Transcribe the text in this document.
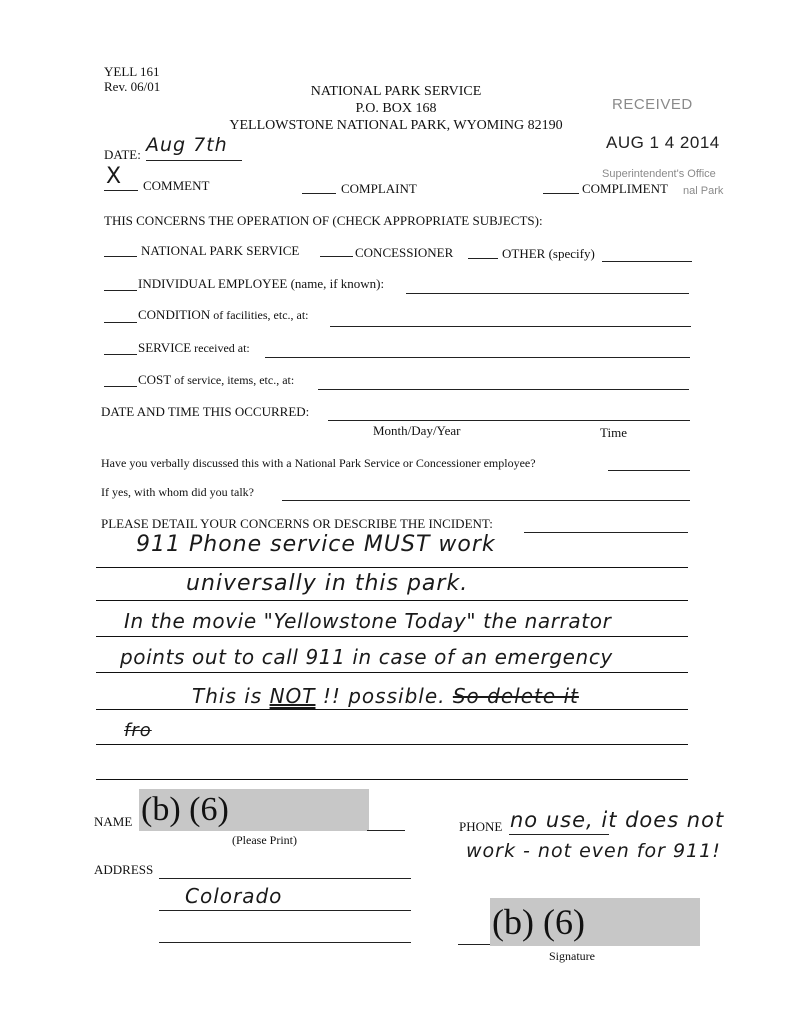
YELL 161
Rev. 06/01	NATIONAL PARK SERVICE
P.O. BOX 168
YELLOWSTONE NATIONAL PARK, WYOMING 82190
RECEIVED
AUG 1 4 2014
Superintendent's Office
nal Park
DATE: Aug 7th
X COMMENT	COMPLAINT	COMPLIMENT
THIS CONCERNS THE OPERATION OF (CHECK APPROPRIATE SUBJECTS):
NATIONAL PARK SERVICE	CONCESSIONER	OTHER (specify)
INDIVIDUAL EMPLOYEE (name, if known):
CONDITION of facilities, etc., at:
SERVICE received at:
COST of service, items, etc., at:
DATE AND TIME THIS OCCURRED:
Month/Day/Year	Time
Have you verbally discussed this with a National Park Service or Concessioner employee?
If yes, with whom did you talk?
PLEASE DETAIL YOUR CONCERNS OR DESCRIBE THE INCIDENT:
911 Phone service MUST work
universally in this park.
In the movie "Yellowstone Today" the narrator
points out to call 911 in case of an emergency
This is NOT !! possible. So delete it
fro
NAME (b) (6)
(Please Print)
PHONE no use, it does not
work - not even for 911!
ADDRESS
Colorado
(b) (6)
Signature
